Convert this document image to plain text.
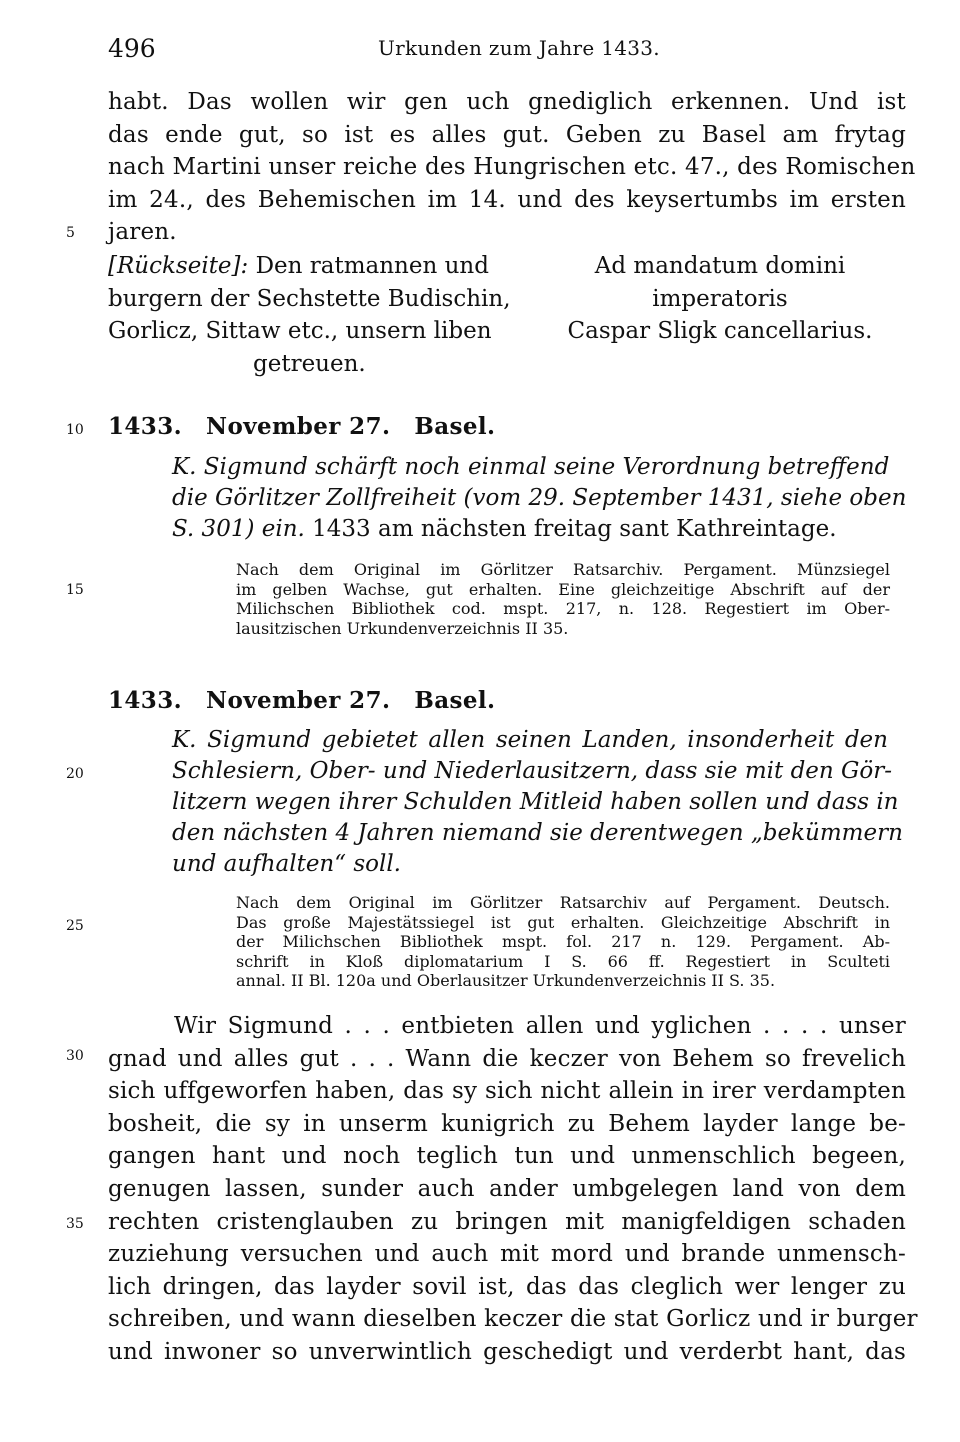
496	Urkunden zum Jahre 1433.
5
10
15
20
25
30
35
habt. Das wollen wir gen uch gnediglich erkennen. Und ist
das ende gut, so ist es alles gut. Geben zu Basel am frytag
nach Martini unser reiche des Hungrischen etc. 47., des Romischen
im 24., des Behemischen im 14. und des keysertumbs im ersten
jaren.
[Rückseite]: Den ratmannen und
burgern der Sechstette Budischin,
Gorlicz, Sittaw etc., unsern liben
getreuen.
Ad mandatum domini
imperatoris
Caspar Sligk cancellarius.
1433. November 27. Basel.
K. Sigmund schärft noch einmal seine Verordnung betreffend
die Görlitzer Zollfreiheit (vom 29. September 1431, siehe oben
S. 301) ein. 1433 am nächsten freitag sant Kathreintage.
Nach dem Original im Görlitzer Ratsarchiv. Pergament. Münzsiegel
im gelben Wachse, gut erhalten. Eine gleichzeitige Abschrift auf der
Milichschen Bibliothek cod. mspt. 217, n. 128. Regestiert im Ober-
lausitzischen Urkundenverzeichnis II 35.
1433. November 27. Basel.
K. Sigmund gebietet allen seinen Landen, insonderheit den
Schlesiern, Ober- und Niederlausitzern, dass sie mit den Gör-
litzern wegen ihrer Schulden Mitleid haben sollen und dass in
den nächsten 4 Jahren niemand sie derentwegen „bekümmern
und aufhalten“ soll.
Nach dem Original im Görlitzer Ratsarchiv auf Pergament. Deutsch.
Das große Majestätssiegel ist gut erhalten. Gleichzeitige Abschrift in
der Milichschen Bibliothek mspt. fol. 217 n. 129. Pergament. Ab-
schrift in Kloß diplomatarium I S. 66 ff. Regestiert in Sculteti
annal. II Bl. 120a und Oberlausitzer Urkundenverzeichnis II S. 35.
Wir Sigmund . . . entbieten allen und yglichen . . . . unser
gnad und alles gut . . . Wann die keczer von Behem so frevelich
sich uffgeworfen haben, das sy sich nicht allein in irer verdampten
bosheit, die sy in unserm kunigrich zu Behem layder lange be-
gangen hant und noch teglich tun und unmenschlich begeen,
genugen lassen, sunder auch ander umbgelegen land von dem
rechten cristenglauben zu bringen mit manigfeldigen schaden
zuziehung versuchen und auch mit mord und brande unmensch-
lich dringen, das layder sovil ist, das das cleglich wer lenger zu
schreiben, und wann dieselben keczer die stat Gorlicz und ir burger
und inwoner so unverwintlich geschedigt und verderbt hant, das
